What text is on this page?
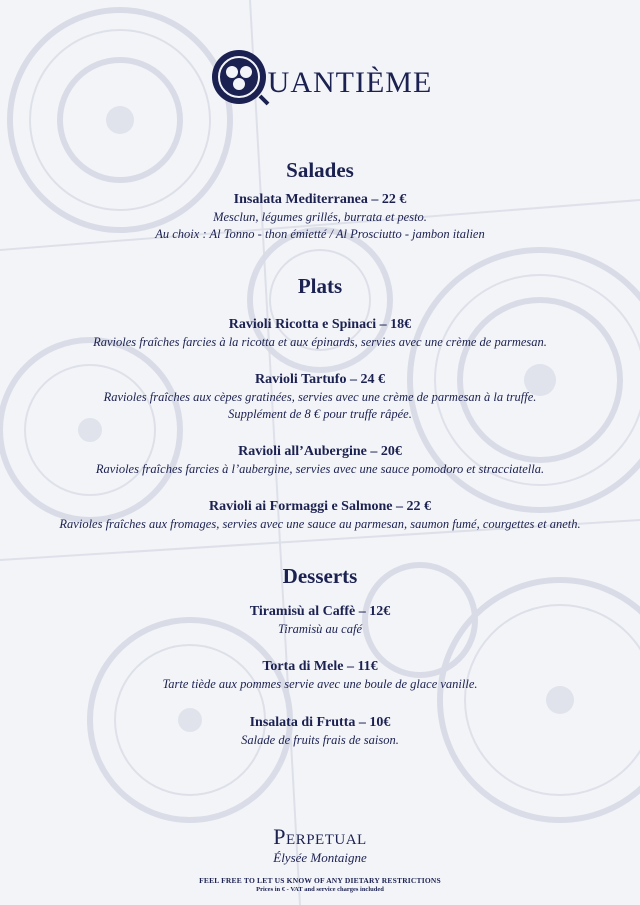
UANTIÈME
Salades
Insalata Mediterranea – 22 €
Mesclun, légumes grillés, burrata et pesto.
Au choix : Al Tonno - thon émietté / Al Prosciutto - jambon italien
Plats
Ravioli Ricotta e Spinaci – 18€
Ravioles fraîches farcies à la ricotta et aux épinards, servies avec une crème de parmesan.
Ravioli Tartufo – 24 €
Ravioles fraîches aux cèpes gratinées, servies avec une crème de parmesan à la truffe.
Supplément de 8 € pour truffe râpée.
Ravioli all’Aubergine – 20€
Ravioles fraîches farcies à l’aubergine, servies avec une sauce pomodoro et stracciatella.
Ravioli ai Formaggi e Salmone – 22 €
Ravioles fraîches aux fromages, servies avec une sauce au parmesan, saumon fumé, courgettes et aneth.
Desserts
Tiramisù al Caffè – 12€
Tiramisù au café
Torta di Mele – 11€
Tarte tiède aux pommes servie avec une boule de glace vanille.
Insalata di Frutta – 10€
Salade de fruits frais de saison.
Perpetual
Élysée Montaigne
FEEL FREE TO LET US KNOW OF ANY DIETARY RESTRICTIONS
Prices in € - VAT and service charges included
